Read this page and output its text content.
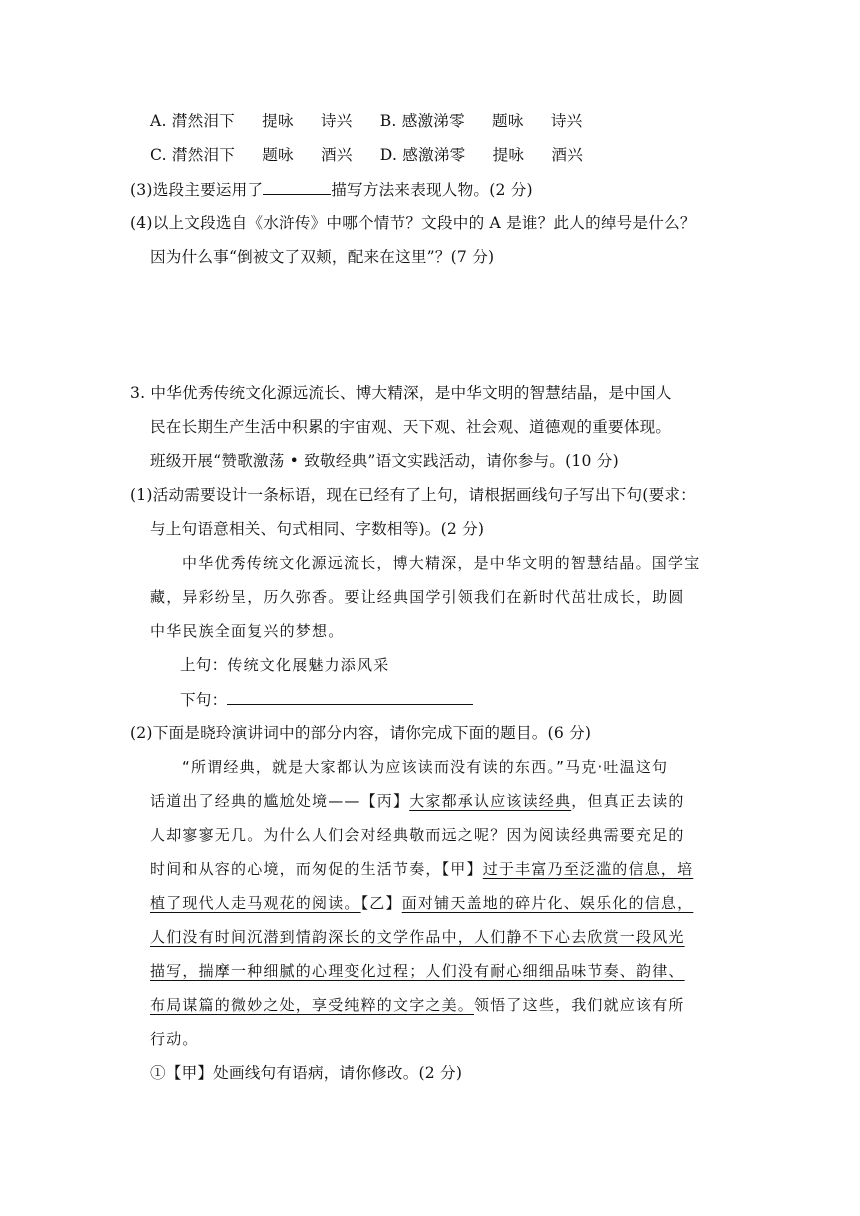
A. 潸然泪下 提咏 诗兴 B. 感激涕零 题咏 诗兴
C. 潸然泪下 题咏 酒兴 D. 感激涕零 提咏 酒兴
(3)选段主要运用了	描写方法来表现人物。(2 分)
(4)以上文段选自《水浒传》中哪个情节？文段中的 A 是谁？此人的绰号是什么？
因为什么事“倒被文了双颊，配来在这里”？(7 分)
3. 中华优秀传统文化源远流长、博大精深，是中华文明的智慧结晶，是中国人
民在长期生产生活中积累的宇宙观、天下观、社会观、道德观的重要体现。
班级开展“赞歌激荡 • 致敬经典”语文实践活动，请你参与。(10 分)
(1)活动需要设计一条标语，现在已经有了上句，请根据画线句子写出下句(要求：
与上句语意相关、句式相同、字数相等)。(2 分)
中华优秀传统文化源远流长，博大精深，是中华文明的智慧结晶。国学宝
藏，异彩纷呈，历久弥香。要让经典国学引领我们在新时代茁壮成长，助圆
中华民族全面复兴的梦想。
上句：传统文化展魅力添风采
下句：
(2)下面是晓玲演讲词中的部分内容，请你完成下面的题目。(6 分)
“所谓经典，就是大家都认为应该读而没有读的东西。”马克·吐温这句
话道出了经典的尴尬处境——【丙】大家都承认应该读经典，但真正去读的
人却寥寥无几。为什么人们会对经典敬而远之呢？因为阅读经典需要充足的
时间和从容的心境，而匆促的生活节奏，【甲】过于丰富乃至泛滥的信息，培
植了现代人走马观花的阅读。【乙】面对铺天盖地的碎片化、娱乐化的信息，
人们没有时间沉潜到情韵深长的文学作品中，人们静不下心去欣赏一段风光
描写，揣摩一种细腻的心理变化过程；人们没有耐心细细品味节奏、韵律、
布局谋篇的微妙之处，享受纯粹的文字之美。领悟了这些，我们就应该有所
行动。
①【甲】处画线句有语病，请你修改。(2 分)
